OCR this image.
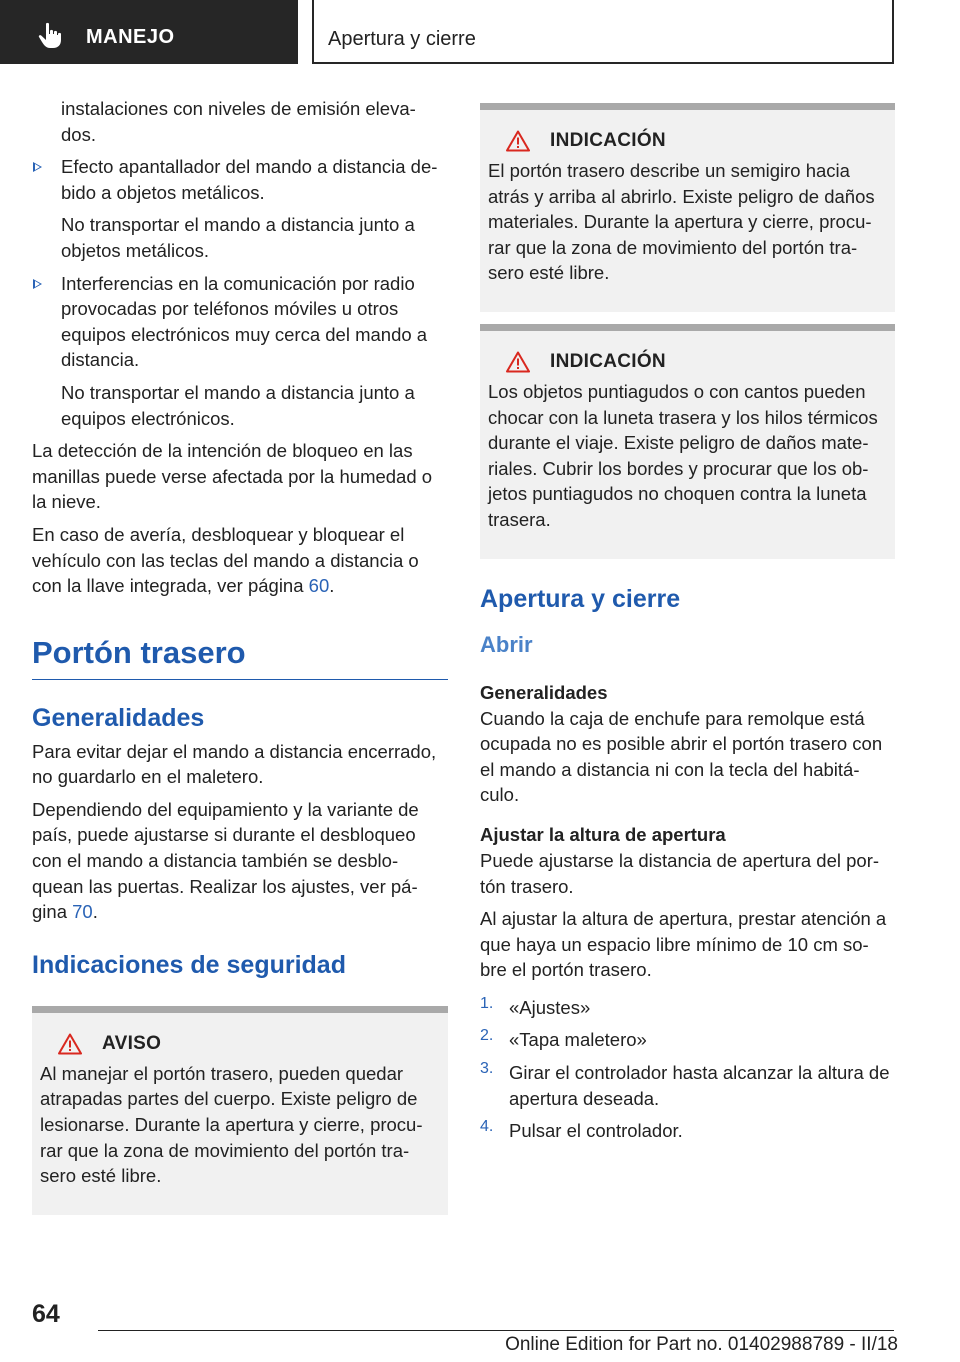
MANEJO	Apertura y cierre

instalaciones con niveles de emisión eleva‐dos.

Efecto apantallador del mando a distancia de‐bido a objetos metálicos.

No transportar el mando a distancia junto a objetos metálicos.

Interferencias en la comunicación por radio provocadas por teléfonos móviles u otros equipos electrónicos muy cerca del mando a distancia.

No transportar el mando a distancia junto a equipos electrónicos.

La detección de la intención de bloqueo en las manillas puede verse afectada por la humedad o la nieve.

En caso de avería, desbloquear y bloquear el vehículo con las teclas del mando a distancia o con la llave integrada, ver página 60.

Portón trasero
Generalidades

Para evitar dejar el mando a distancia encerrado, no guardarlo en el maletero.

Dependiendo del equipamiento y la variante de país, puede ajustarse si durante el desbloqueo con el mando a distancia también se desblo‐quean las puertas. Realizar los ajustes, ver pá‐gina 70.

Indicaciones de seguridad
AVISO

Al manejar el portón trasero, pueden quedar atrapadas partes del cuerpo. Existe peligro de lesionarse. Durante la apertura y cierre, procu‐rar que la zona de movimiento del portón tra‐sero esté libre.

INDICACIÓN

El portón trasero describe un semigiro hacia atrás y arriba al abrirlo. Existe peligro de daños materiales. Durante la apertura y cierre, procu‐rar que la zona de movimiento del portón tra‐sero esté libre.

INDICACIÓN

Los objetos puntiagudos o con cantos pueden chocar con la luneta trasera y los hilos térmicos durante el viaje. Existe peligro de daños mate‐riales. Cubrir los bordes y procurar que los ob‐jetos puntiagudos no choquen contra la luneta trasera.

Apertura y cierre
Abrir
Generalidades

Cuando la caja de enchufe para remolque está ocupada no es posible abrir el portón trasero con el mando a distancia ni con la tecla del habitá‐culo.

Ajustar la altura de apertura

Puede ajustarse la distancia de apertura del por‐tón trasero.

Al ajustar la altura de apertura, prestar atención a que haya un espacio libre mínimo de 10 cm so‐bre el portón trasero.

1. «Ajustes»

2. «Tapa maletero»

3. Girar el controlador hasta alcanzar la altura de apertura deseada.

4. Pulsar el controlador.

64
Online Edition for Part no. 01402988789 - II/18
